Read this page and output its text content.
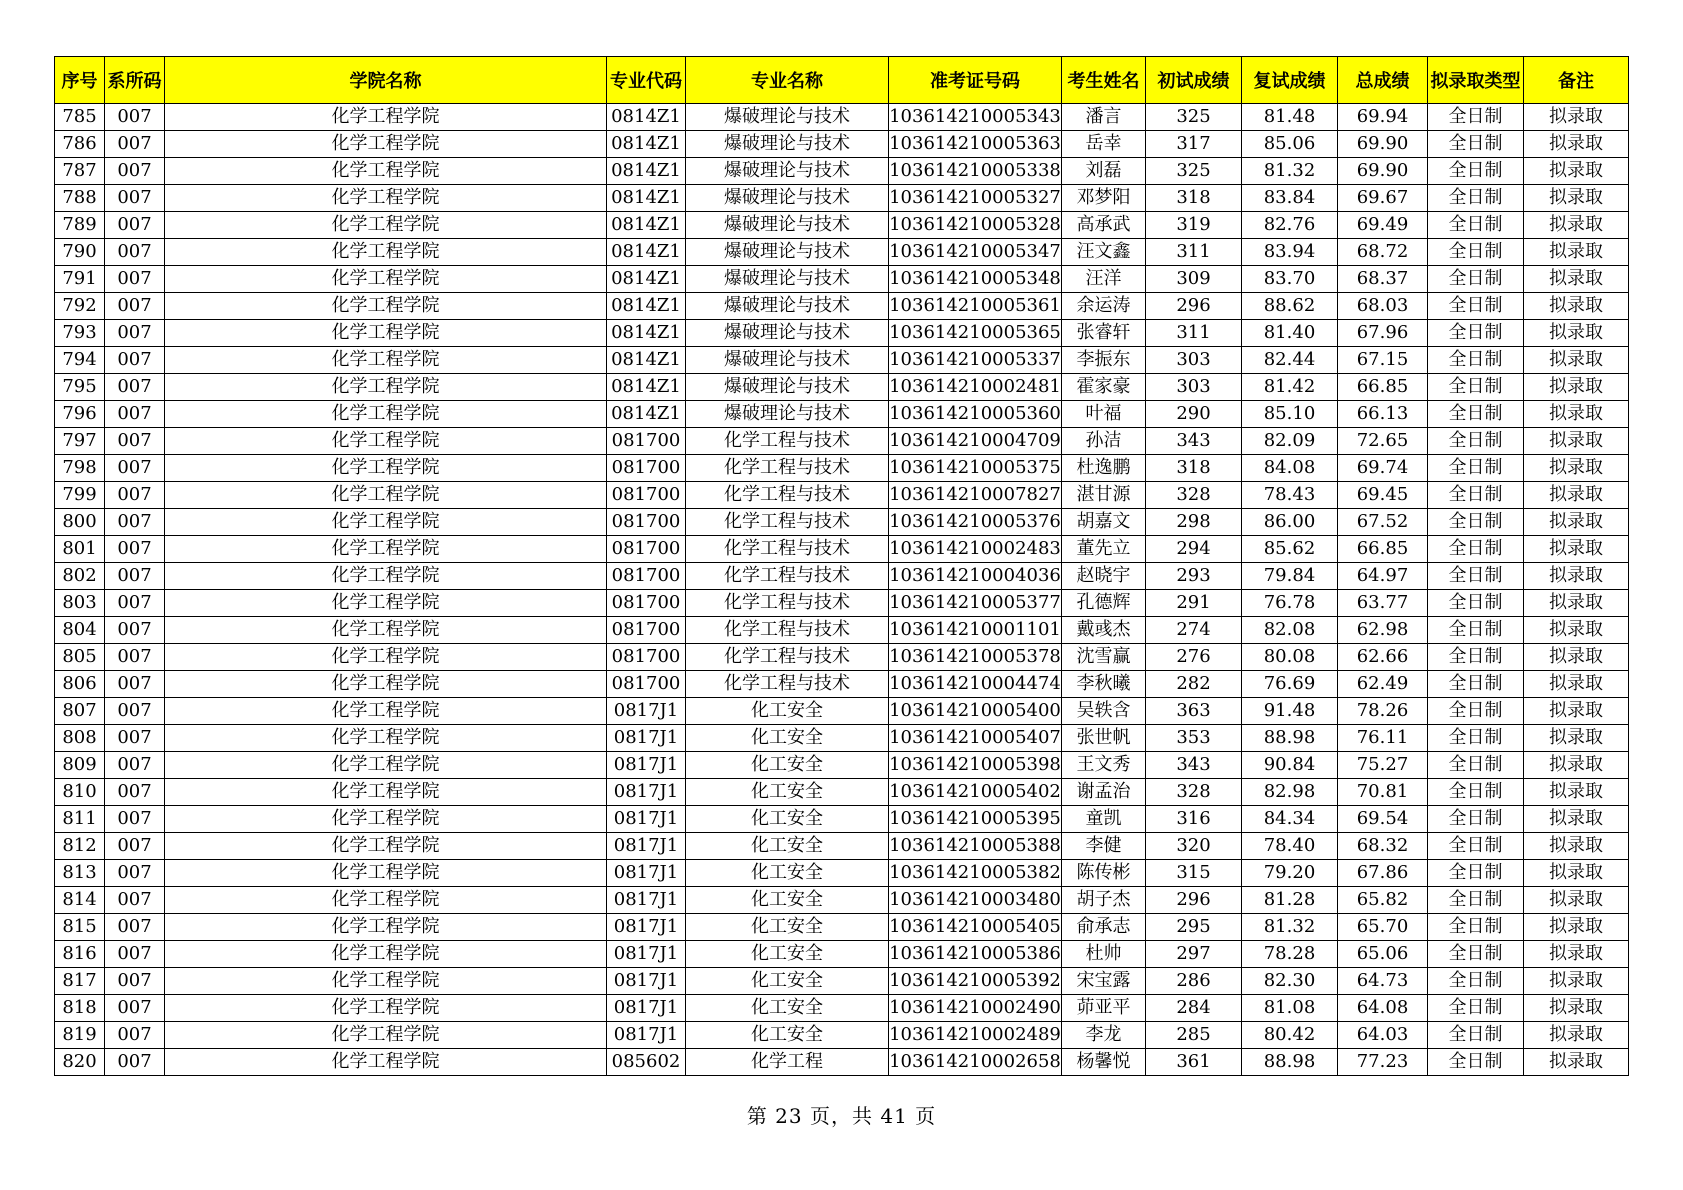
序号	系所码	学院名称	专业代码	专业名称	准考证号码	考生姓名	初试成绩	复试成绩	总成绩	拟录取类型	备注
785	007	化学工程学院	0814Z1	爆破理论与技术	103614210005343	潘言	325	81.48	69.94	全日制	拟录取
786	007	化学工程学院	0814Z1	爆破理论与技术	103614210005363	岳幸	317	85.06	69.90	全日制	拟录取
787	007	化学工程学院	0814Z1	爆破理论与技术	103614210005338	刘磊	325	81.32	69.90	全日制	拟录取
788	007	化学工程学院	0814Z1	爆破理论与技术	103614210005327	邓梦阳	318	83.84	69.67	全日制	拟录取
789	007	化学工程学院	0814Z1	爆破理论与技术	103614210005328	高承武	319	82.76	69.49	全日制	拟录取
790	007	化学工程学院	0814Z1	爆破理论与技术	103614210005347	汪文鑫	311	83.94	68.72	全日制	拟录取
791	007	化学工程学院	0814Z1	爆破理论与技术	103614210005348	汪洋	309	83.70	68.37	全日制	拟录取
792	007	化学工程学院	0814Z1	爆破理论与技术	103614210005361	余运涛	296	88.62	68.03	全日制	拟录取
793	007	化学工程学院	0814Z1	爆破理论与技术	103614210005365	张睿轩	311	81.40	67.96	全日制	拟录取
794	007	化学工程学院	0814Z1	爆破理论与技术	103614210005337	李振东	303	82.44	67.15	全日制	拟录取
795	007	化学工程学院	0814Z1	爆破理论与技术	103614210002481	霍家豪	303	81.42	66.85	全日制	拟录取
796	007	化学工程学院	0814Z1	爆破理论与技术	103614210005360	叶福	290	85.10	66.13	全日制	拟录取
797	007	化学工程学院	081700	化学工程与技术	103614210004709	孙洁	343	82.09	72.65	全日制	拟录取
798	007	化学工程学院	081700	化学工程与技术	103614210005375	杜逸鹏	318	84.08	69.74	全日制	拟录取
799	007	化学工程学院	081700	化学工程与技术	103614210007827	湛甘源	328	78.43	69.45	全日制	拟录取
800	007	化学工程学院	081700	化学工程与技术	103614210005376	胡嘉文	298	86.00	67.52	全日制	拟录取
801	007	化学工程学院	081700	化学工程与技术	103614210002483	董先立	294	85.62	66.85	全日制	拟录取
802	007	化学工程学院	081700	化学工程与技术	103614210004036	赵晓宇	293	79.84	64.97	全日制	拟录取
803	007	化学工程学院	081700	化学工程与技术	103614210005377	孔德辉	291	76.78	63.77	全日制	拟录取
804	007	化学工程学院	081700	化学工程与技术	103614210001101	戴彧杰	274	82.08	62.98	全日制	拟录取
805	007	化学工程学院	081700	化学工程与技术	103614210005378	沈雪赢	276	80.08	62.66	全日制	拟录取
806	007	化学工程学院	081700	化学工程与技术	103614210004474	李秋曦	282	76.69	62.49	全日制	拟录取
807	007	化学工程学院	0817J1	化工安全	103614210005400	吴轶含	363	91.48	78.26	全日制	拟录取
808	007	化学工程学院	0817J1	化工安全	103614210005407	张世帆	353	88.98	76.11	全日制	拟录取
809	007	化学工程学院	0817J1	化工安全	103614210005398	王文秀	343	90.84	75.27	全日制	拟录取
810	007	化学工程学院	0817J1	化工安全	103614210005402	谢孟治	328	82.98	70.81	全日制	拟录取
811	007	化学工程学院	0817J1	化工安全	103614210005395	童凯	316	84.34	69.54	全日制	拟录取
812	007	化学工程学院	0817J1	化工安全	103614210005388	李健	320	78.40	68.32	全日制	拟录取
813	007	化学工程学院	0817J1	化工安全	103614210005382	陈传彬	315	79.20	67.86	全日制	拟录取
814	007	化学工程学院	0817J1	化工安全	103614210003480	胡子杰	296	81.28	65.82	全日制	拟录取
815	007	化学工程学院	0817J1	化工安全	103614210005405	俞承志	295	81.32	65.70	全日制	拟录取
816	007	化学工程学院	0817J1	化工安全	103614210005386	杜帅	297	78.28	65.06	全日制	拟录取
817	007	化学工程学院	0817J1	化工安全	103614210005392	宋宝露	286	82.30	64.73	全日制	拟录取
818	007	化学工程学院	0817J1	化工安全	103614210002490	茆亚平	284	81.08	64.08	全日制	拟录取
819	007	化学工程学院	0817J1	化工安全	103614210002489	李龙	285	80.42	64.03	全日制	拟录取
820	007	化学工程学院	085602	化学工程	103614210002658	杨馨悦	361	88.98	77.23	全日制	拟录取
第 23 页，共 41 页
